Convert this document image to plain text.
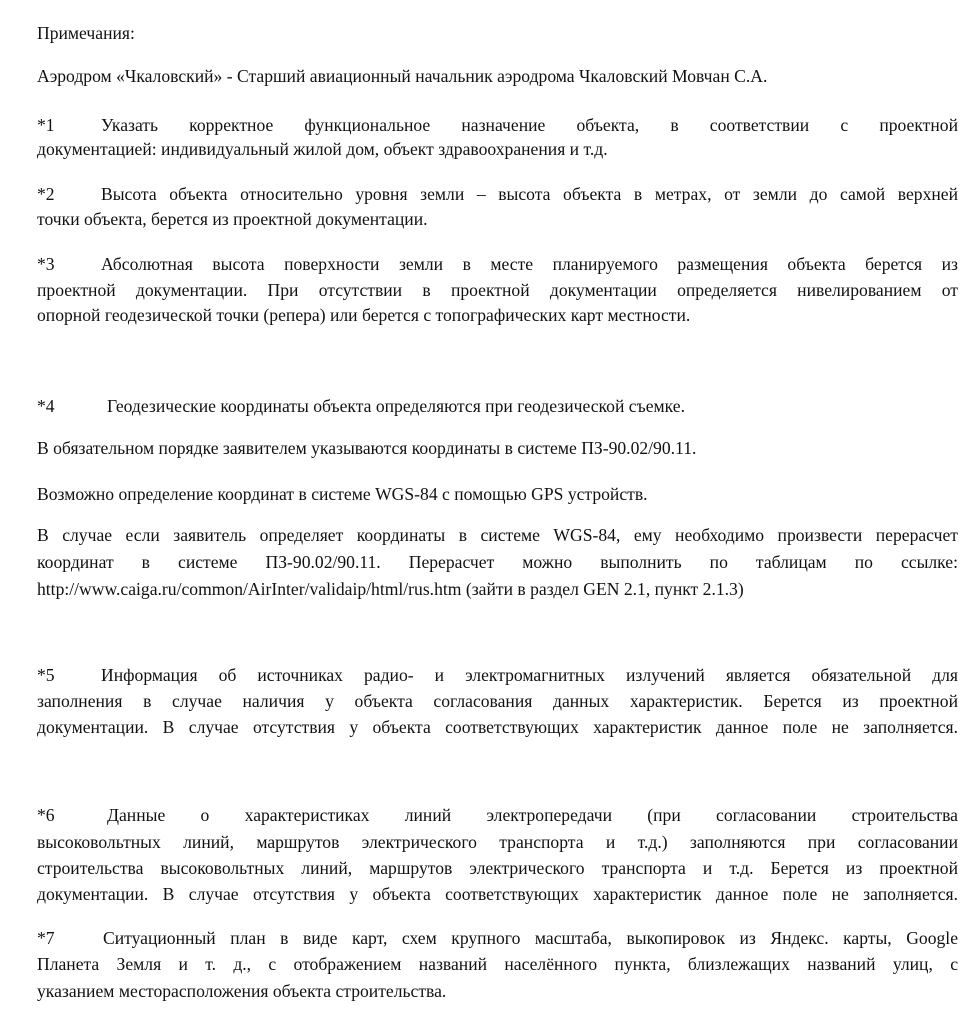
Примечания:
Аэродром «Чкаловский» - Старший авиационный начальник аэродрома Чкаловский Мовчан С.А.
*1	Указать корректное функциональное назначение объекта, в соответствии с проектной
документацией: индивидуальный жилой дом, объект здравоохранения и т.д.
*2	Высота объекта относительно уровня земли – высота объекта в метрах, от земли до самой верхней
точки объекта, берется из проектной документации.
*3	Абсолютная высота поверхности земли в месте планируемого размещения объекта берется из
проектной документации. При отсутствии в проектной документации определяется нивелированием от
опорной геодезической точки (репера) или берется с топографических карт местности.
*4	Геодезические координаты объекта определяются при геодезической съемке.
В обязательном порядке заявителем указываются координаты в системе ПЗ-90.02/90.11.
Возможно определение координат в системе WGS-84 с помощью GPS устройств.
В случае если заявитель определяет координаты в системе WGS-84, ему необходимо произвести перерасчет
координат в системе ПЗ-90.02/90.11. Перерасчет можно выполнить по таблицам по ссылке:
http://www.caiga.ru/common/AirInter/validaip/html/rus.htm (зайти в раздел GEN 2.1, пункт 2.1.3)
*5	Информация об источниках радио- и электромагнитных излучений является обязательной для
заполнения в случае наличия у объекта согласования данных характеристик. Берется из проектной
документации. В случае отсутствия у объекта соответствующих характеристик данное поле не заполняется.
*6	Данные о характеристиках линий электропередачи (при согласовании строительства
высоковольтных линий, маршрутов электрического транспорта и т.д.) заполняются при согласовании
строительства высоковольтных линий, маршрутов электрического транспорта и т.д. Берется из проектной
документации. В случае отсутствия у объекта соответствующих характеристик данное поле не заполняется.
*7	Ситуационный план в виде карт, схем крупного масштаба, выкопировок из Яндекс. карты, Google
Планета Земля и т. д., с отображением названий населённого пункта, близлежащих названий улиц, с
указанием месторасположения объекта строительства.
